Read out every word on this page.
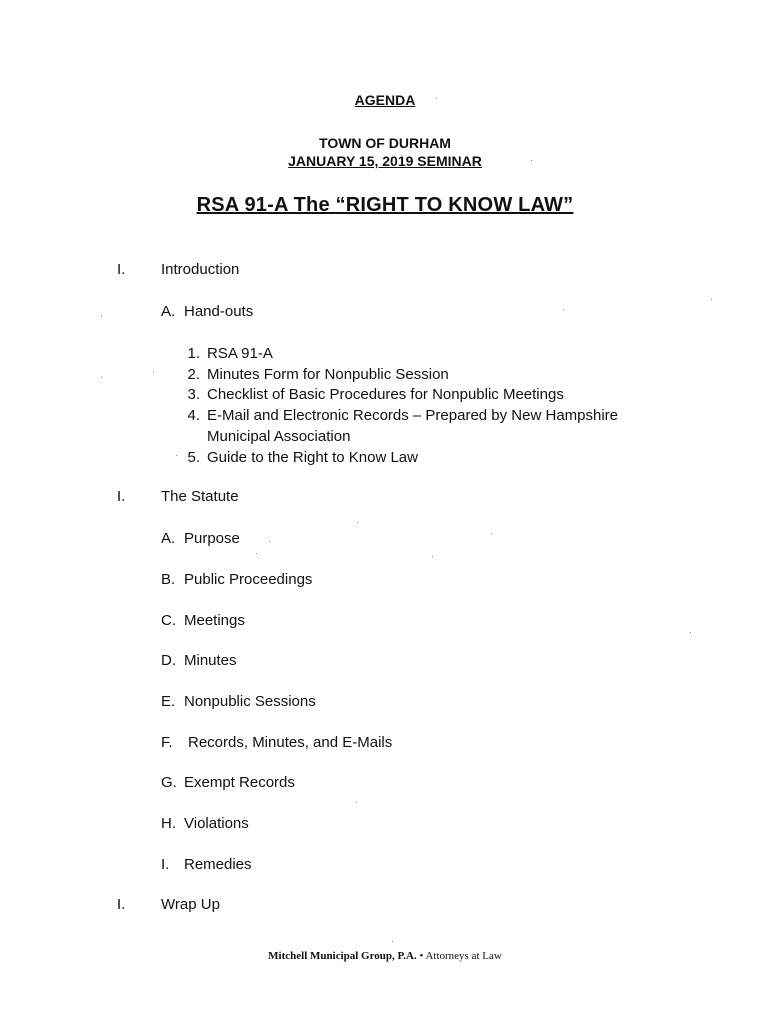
AGENDA
TOWN OF DURHAM
JANUARY 15, 2019 SEMINAR
RSA 91-A The “RIGHT TO KNOW LAW”
I. Introduction
A. Hand-outs
1. RSA 91-A
2. Minutes Form for Nonpublic Session
3. Checklist of Basic Procedures for Nonpublic Meetings
4. E-Mail and Electronic Records – Prepared by New Hampshire
Municipal Association
5. Guide to the Right to Know Law
I. The Statute
A. Purpose
B. Public Proceedings
C. Meetings
D. Minutes
E. Nonpublic Sessions
F. Records, Minutes, and E-Mails
G. Exempt Records
H. Violations
I. Remedies
I. Wrap Up
Mitchell Municipal Group, P.A. • Attorneys at Law
